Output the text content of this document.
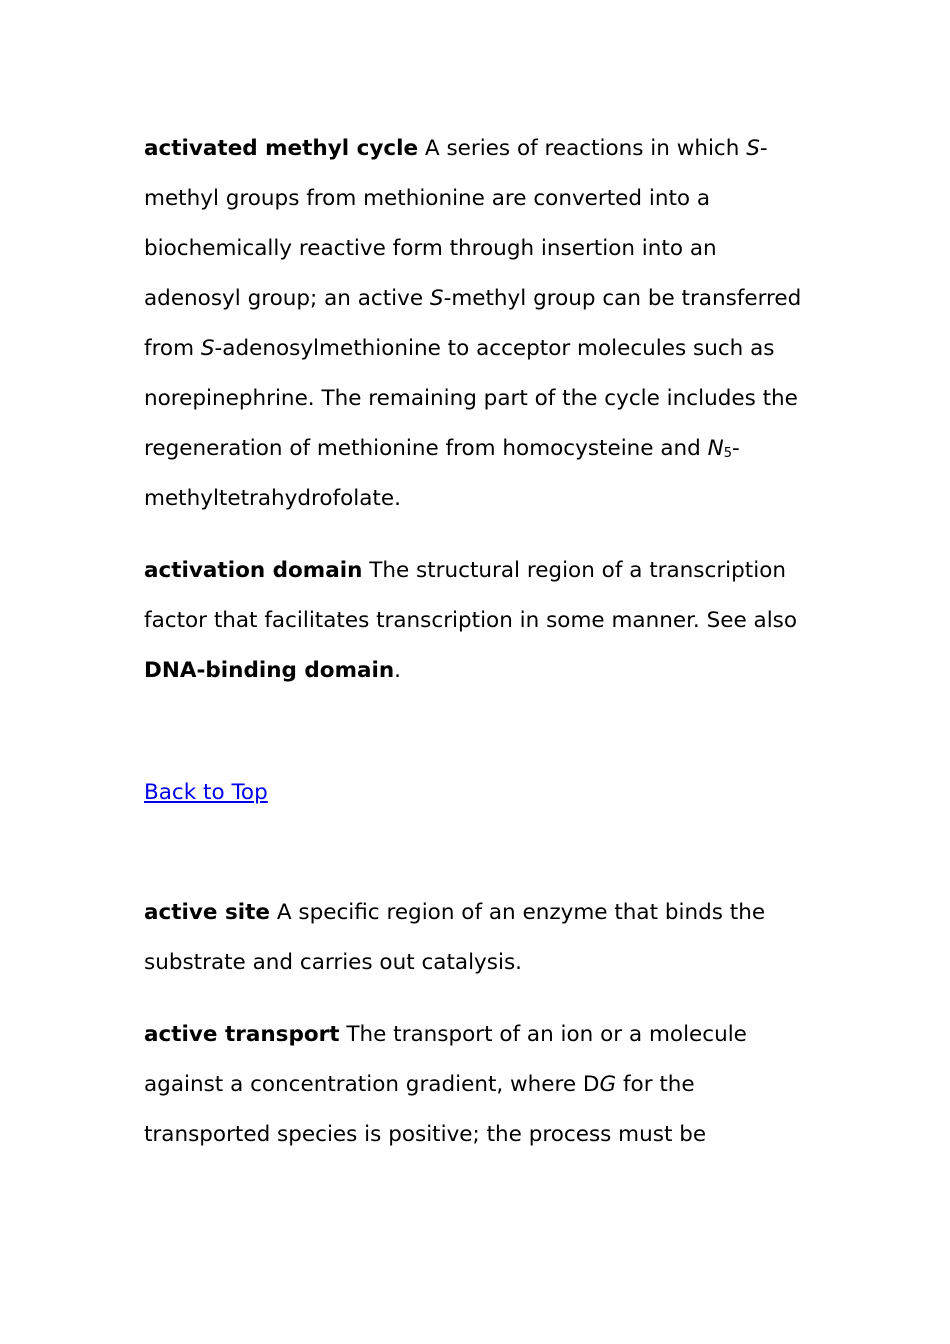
activated methyl cycle A series of reactions in which S-methyl groups from methionine are converted into a biochemically reactive form through insertion into an adenosyl group; an active S-methyl group can be transferred from S-adenosylmethionine to acceptor molecules such as norepinephrine. The remaining part of the cycle includes the regeneration of methionine from homocysteine and $N_5-$ methyltetrahydrofolate.

activation domain The structural region of a transcription factor that facilitates transcription in some manner. See also DNA-binding domain.

Back to Top

active site A specific region of an enzyme that binds the substrate and carries out catalysis.

active transport The transport of an ion or a molecule against a concentration gradient, where DG for the transported species is positive; the process must be
